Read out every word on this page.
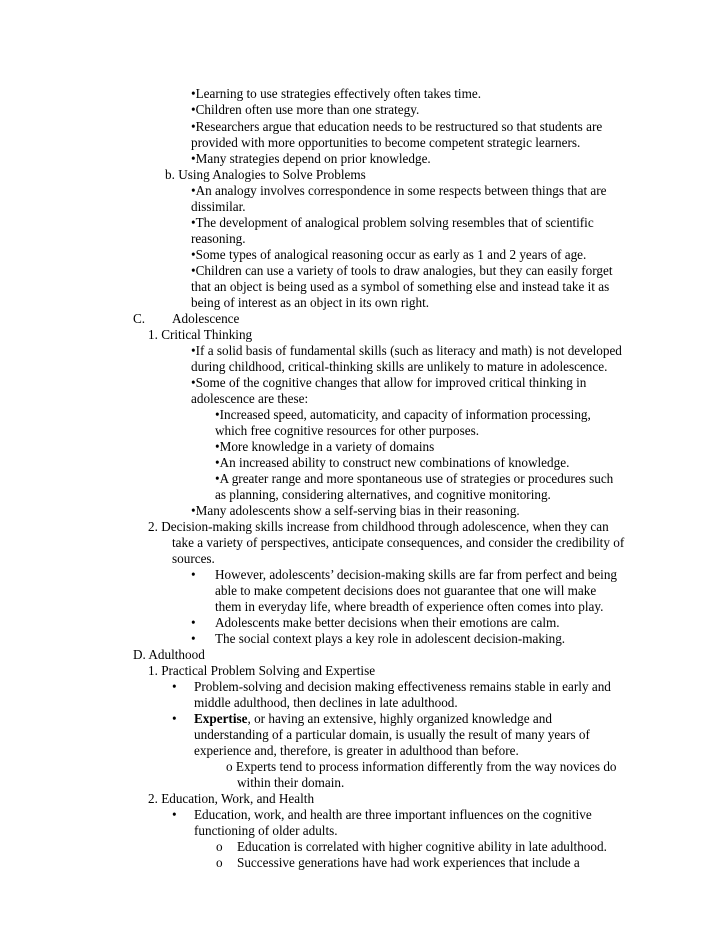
•Learning to use strategies effectively often takes time.
•Children often use more than one strategy.
•Researchers argue that education needs to be restructured so that students are
provided with more opportunities to become competent strategic learners.
•Many strategies depend on prior knowledge.
b. Using Analogies to Solve Problems
•An analogy involves correspondence in some respects between things that are
dissimilar.
•The development of analogical problem solving resembles that of scientific
reasoning.
•Some types of analogical reasoning occur as early as 1 and 2 years of age.
•Children can use a variety of tools to draw analogies, but they can easily forget
that an object is being used as a symbol of something else and instead take it as
being of interest as an object in its own right.
C. Adolescence
1. Critical Thinking
•If a solid basis of fundamental skills (such as literacy and math) is not developed
during childhood, critical-thinking skills are unlikely to mature in adolescence.
•Some of the cognitive changes that allow for improved critical thinking in
adolescence are these:
•Increased speed, automaticity, and capacity of information processing,
which free cognitive resources for other purposes.
•More knowledge in a variety of domains
•An increased ability to construct new combinations of knowledge.
•A greater range and more spontaneous use of strategies or procedures such
as planning, considering alternatives, and cognitive monitoring.
•Many adolescents show a self-serving bias in their reasoning.
2. Decision-making skills increase from childhood through adolescence, when they can
take a variety of perspectives, anticipate consequences, and consider the credibility of
sources.
• However, adolescents’ decision-making skills are far from perfect and being
able to make competent decisions does not guarantee that one will make
them in everyday life, where breadth of experience often comes into play.
• Adolescents make better decisions when their emotions are calm.
• The social context plays a key role in adolescent decision-making.
D. Adulthood
1. Practical Problem Solving and Expertise
• Problem-solving and decision making effectiveness remains stable in early and
middle adulthood, then declines in late adulthood.
• Expertise, or having an extensive, highly organized knowledge and
understanding of a particular domain, is usually the result of many years of
experience and, therefore, is greater in adulthood than before.
o Experts tend to process information differently from the way novices do
within their domain.
2. Education, Work, and Health
• Education, work, and health are three important influences on the cognitive
functioning of older adults.
o Education is correlated with higher cognitive ability in late adulthood.
o Successive generations have had work experiences that include a
